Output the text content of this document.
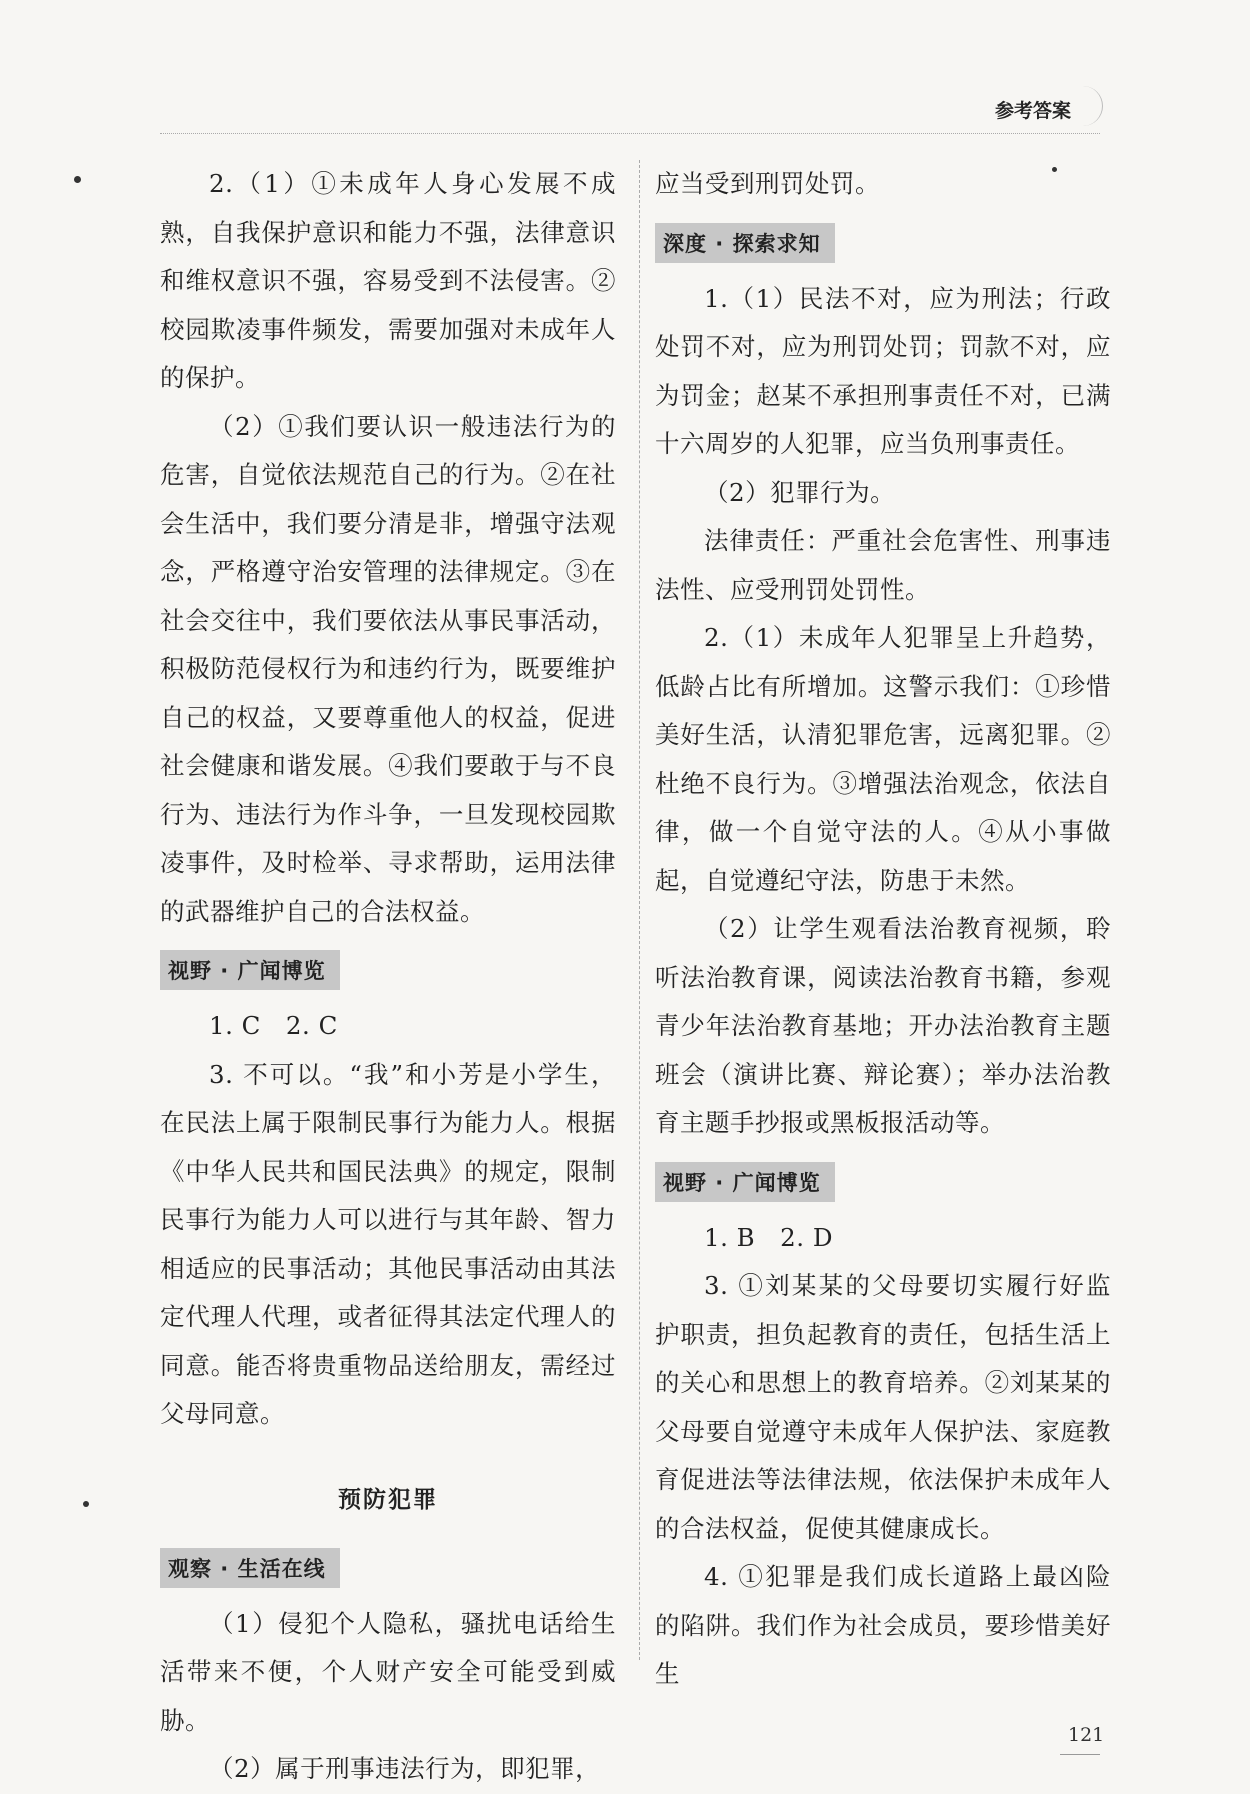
参考答案

2.（1）①未成年人身心发展不成熟，自我保护意识和能力不强，法律意识和维权意识不强，容易受到不法侵害。②校园欺凌事件频发，需要加强对未成年人的保护。

（2）①我们要认识一般违法行为的危害，自觉依法规范自己的行为。②在社会生活中，我们要分清是非，增强守法观念，严格遵守治安管理的法律规定。③在社会交往中，我们要依法从事民事活动，积极防范侵权行为和违约行为，既要维护自己的权益，又要尊重他人的权益，促进社会健康和谐发展。④我们要敢于与不良行为、违法行为作斗争，一旦发现校园欺凌事件，及时检举、寻求帮助，运用法律的武器维护自己的合法权益。

视野 · 广闻博览

1. C　2. C

3. 不可以。“我”和小芳是小学生，在民法上属于限制民事行为能力人。根据《中华人民共和国民法典》的规定，限制民事行为能力人可以进行与其年龄、智力相适应的民事活动；其他民事活动由其法定代理人代理，或者征得其法定代理人的同意。能否将贵重物品送给朋友，需经过父母同意。

预防犯罪
观察 · 生活在线

（1）侵犯个人隐私，骚扰电话给生活带来不便，个人财产安全可能受到威胁。

（2）属于刑事违法行为，即犯罪，

应当受到刑罚处罚。

深度 · 探索求知

1.（1）民法不对，应为刑法；行政处罚不对，应为刑罚处罚；罚款不对，应为罚金；赵某不承担刑事责任不对，已满十六周岁的人犯罪，应当负刑事责任。

（2）犯罪行为。

法律责任：严重社会危害性、刑事违法性、应受刑罚处罚性。

2.（1）未成年人犯罪呈上升趋势，低龄占比有所增加。这警示我们：①珍惜美好生活，认清犯罪危害，远离犯罪。②杜绝不良行为。③增强法治观念，依法自律，做一个自觉守法的人。④从小事做起，自觉遵纪守法，防患于未然。

（2）让学生观看法治教育视频，聆听法治教育课，阅读法治教育书籍，参观青少年法治教育基地；开办法治教育主题班会（演讲比赛、辩论赛）；举办法治教育主题手抄报或黑板报活动等。

视野 · 广闻博览

1. B　2. D

3. ①刘某某的父母要切实履行好监护职责，担负起教育的责任，包括生活上的关心和思想上的教育培养。②刘某某的父母要自觉遵守未成年人保护法、家庭教育促进法等法律法规，依法保护未成年人的合法权益，促使其健康成长。

4. ①犯罪是我们成长道路上最凶险的陷阱。我们作为社会成员，要珍惜美好生

121
